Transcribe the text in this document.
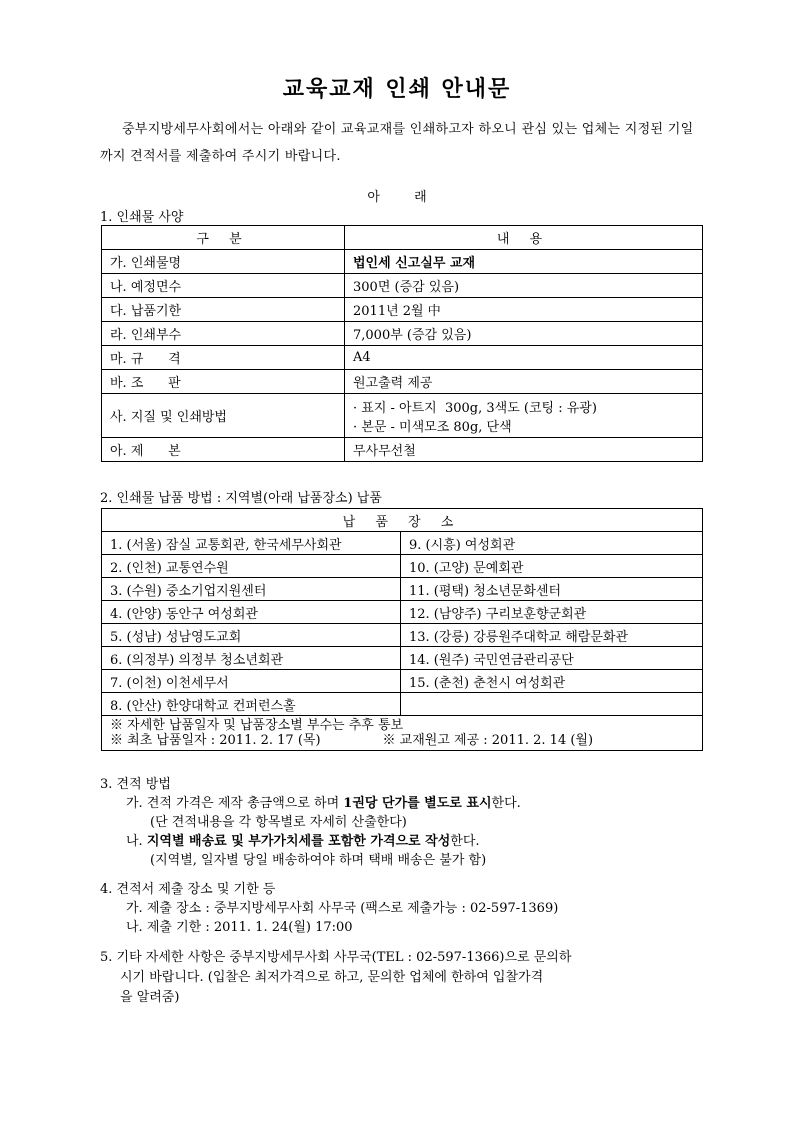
교육교재 인쇄 안내문
중부지방세무사회에서는 아래와 같이 교육교재를 인쇄하고자 하오니 관심 있는 업체는 지정된 기일까지 견적서를 제출하여 주시기 바랍니다.
아 래
1. 인쇄물 사양
구 분	내 용
가. 인쇄물명	법인세 신고실무 교재
나. 예정면수	300면 (증감 있음)
다. 납품기한	2011년 2월 中
라. 인쇄부수	7,000부 (증감 있음)
마. 규      격	A4
바. 조      판	원고출력 제공
사. 지질 및 인쇄방법	· 표지 - 아트지  300g, 3색도 (코팅 : 유광)
· 본문 - 미색모조 80g, 단색

아. 제      본	무사무선철
2. 인쇄물 납품 방법 : 지역별(아래 납품장소) 납품
납 품 장 소	
1. (서울) 잠실 교통회관, 한국세무사회관	9. (시흥) 여성회관
2. (인천) 교통연수원	10. (고양) 문예회관
3. (수원) 중소기업지원센터	11. (평택) 청소년문화센터
4. (안양) 동안구 여성회관	12. (남양주) 구리보훈향군회관
5. (성남) 성남영도교회	13. (강릉) 강릉원주대학교 해람문화관
6. (의정부) 의정부 청소년회관	14. (원주) 국민연금관리공단
7. (이천) 이천세무서	15. (춘천) 춘천시 여성회관
8. (안산) 한양대학교 컨퍼런스홀	

※ 자세한 납품일자 및 납품장소별 부수는 추후 통보
※ 최초 납품일자 : 2011. 2. 17 (목) ※ 교재원고 제공 : 2011. 2. 14 (월)	
3. 견적 방법
가. 견적 가격은 제작 총금액으로 하며 1권당 단가를 별도로 표시한다.
(단 견적내용을 각 항목별로 자세히 산출한다)
나. 지역별 배송료 및 부가가치세를 포함한 가격으로 작성한다.
(지역별, 일자별 당일 배송하여야 하며 택배 배송은 불가 함)
4. 견적서 제출 장소 및 기한 등
가. 제출 장소 : 중부지방세무사회 사무국 (팩스로 제출가능 : 02-597-1369)
나. 제출 기한 : 2011. 1. 24(월) 17:00
5. 기타 자세한 사항은 중부지방세무사회 사무국(TEL : 02-597-1366)으로 문의하
시기 바랍니다. (입찰은 최저가격으로 하고, 문의한 업체에 한하여 입찰가격
을 알려줌)
